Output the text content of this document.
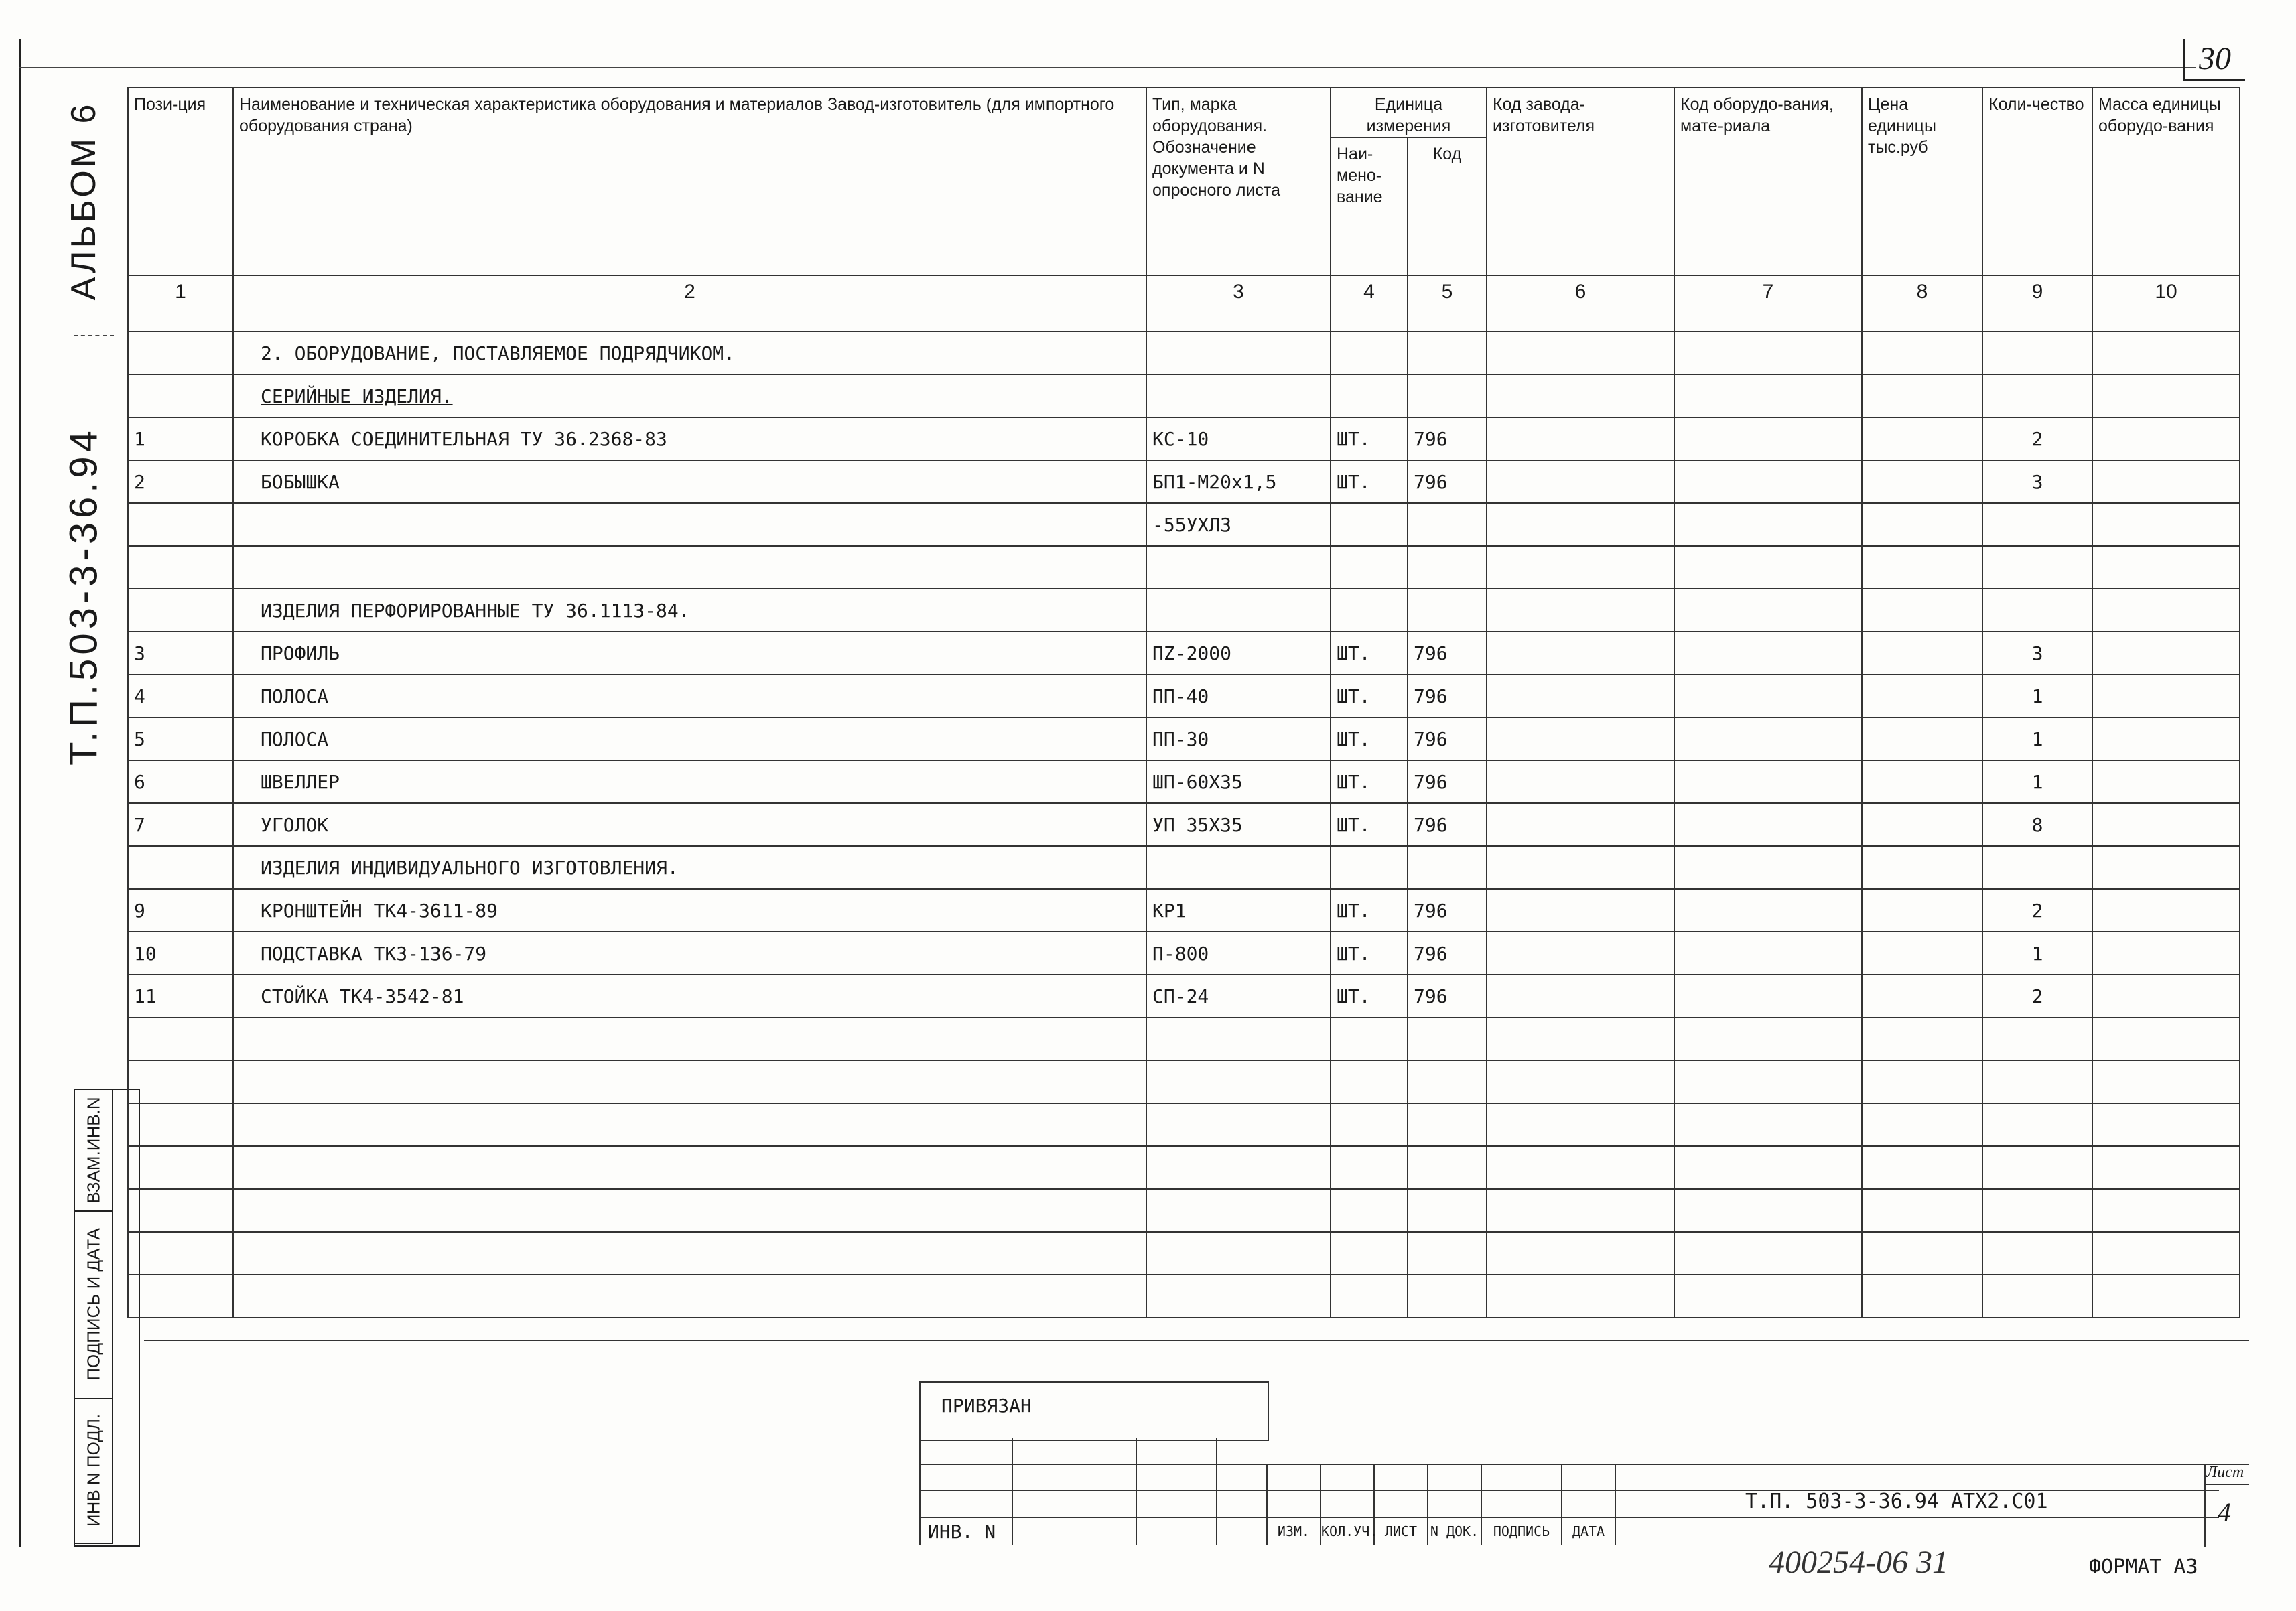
30
АЛЬБОМ 6
Т.П.503-3-36.94
ВЗАМ.ИНВ.N
ПОДПИСЬ И ДАТА
ИНВ N ПОДЛ.
Пози-ция	Наименование и техническая характеристика оборудования и материалов Завод-изготовитель (для импортного оборудования страна)	Тип, марка оборудования. Обозначение документа и N опросного листа	Единица измерения		Код завода-изготовителя	Код оборудо-вания, мате-риала	Цена единицы тыс.руб	Коли-чество	Масса единицы оборудо-вания
			Наи-мено-вание	Код					
1	2	3	4	5	6	7	8	9	10
	2. ОБОРУДОВАНИЕ, ПОСТАВЛЯЕМОЕ ПОДРЯДЧИКОМ.								
	СЕРИЙНЫЕ ИЗДЕЛИЯ.								
1	КОРОБКА СОЕДИНИТЕЛЬНАЯ ТУ 36.2368-83	КС-10	ШТ.	796				2	
2	БОБЫШКА	БП1-М20х1,5	ШТ.	796				3	
		-55УХЛ3							

	ИЗДЕЛИЯ ПЕРФОРИРОВАННЫЕ ТУ 36.1113-84.								
3	ПРОФИЛЬ	ПZ-2000	ШТ.	796				3	
4	ПОЛОСА	ПП-40	ШТ.	796				1	
5	ПОЛОСА	ПП-30	ШТ.	796				1	
6	ШВЕЛЛЕР	ШП-60Х35	ШТ.	796				1	
7	УГОЛОК	УП 35Х35	ШТ.	796				8	
	ИЗДЕЛИЯ ИНДИВИДУАЛЬНОГО ИЗГОТОВЛЕНИЯ.								
9	КРОНШТЕЙН ТК4-3611-89	КР1	ШТ.	796				2	
10	ПОДСТАВКА ТК3-136-79	П-800	ШТ.	796				1	
11	СТОЙКА ТК4-3542-81	СП-24	ШТ.	796				2	

ПРИВЯЗАН
ИНВ. N	ИЗМ. КОЛ.УЧ. ЛИСТ N ДОК.	ПОДПИСЬ	ДАТА
Т.П. 503-3-36.94 АТХ2.С01
Лист
4
400254-06 31	ФОРМАТ А3
